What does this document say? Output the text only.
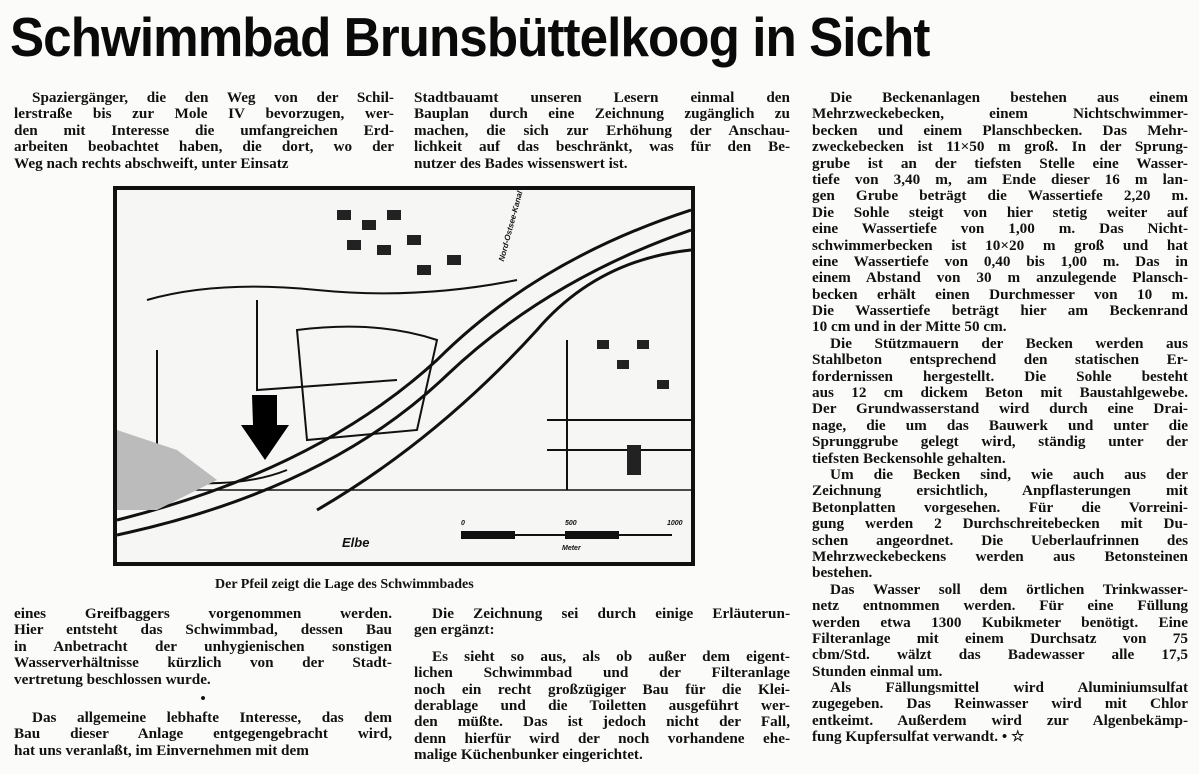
Schwimmbad Brunsbüttelkoog in Sicht
Spaziergänger, die den Weg von der Schil-
lerstraße bis zur Mole IV bevorzugen, wer-
den mit Interesse die umfangreichen Erd-
arbeiten beobachtet haben, die dort, wo der
Weg nach rechts abschweift, unter Einsatz
Stadtbauamt unseren Lesern einmal den
Bauplan durch eine Zeichnung zugänglich zu
machen, die sich zur Erhöhung der Anschau-
lichkeit auf das beschränkt, was für den Be-
nutzer des Bades wissenswert ist.
Elbe
Nord-Ostsee-Kanal
0	500	1000
Meter
Der Pfeil zeigt die Lage des Schwimmbades
eines Greifbaggers vorgenommen werden.
Hier entsteht das Schwimmbad, dessen Bau
in Anbetracht der unhygienischen sonstigen
Wasserverhältnisse kürzlich von der Stadt-
vertretung beschlossen wurde.
•
Das allgemeine lebhafte Interesse, das dem
Bau dieser Anlage entgegengebracht wird,
hat uns veranlaßt, im Einvernehmen mit dem
Die Zeichnung sei durch einige Erläuterun-
gen ergänzt:
Es sieht so aus, als ob außer dem eigent-
lichen Schwimmbad und der Filteranlage
noch ein recht großzügiger Bau für die Klei-
derablage und die Toiletten ausgeführt wer-
den müßte. Das ist jedoch nicht der Fall,
denn hierfür wird der noch vorhandene ehe-
malige Küchenbunker eingerichtet.
Die Beckenanlagen bestehen aus einem
Mehrzweckebecken, einem Nichtschwimmer-
becken und einem Planschbecken. Das Mehr-
zweckebecken ist 11×50 m groß. In der Sprung-
grube ist an der tiefsten Stelle eine Wasser-
tiefe von 3,40 m, am Ende dieser 16 m lan-
gen Grube beträgt die Wassertiefe 2,20 m.
Die Sohle steigt von hier stetig weiter auf
eine Wassertiefe von 1,00 m. Das Nicht-
schwimmerbecken ist 10×20 m groß und hat
eine Wassertiefe von 0,40 bis 1,00 m. Das in
einem Abstand von 30 m anzulegende Plansch-
becken erhält einen Durchmesser von 10 m.
Die Wassertiefe beträgt hier am Beckenrand
10 cm und in der Mitte 50 cm.
Die Stützmauern der Becken werden aus
Stahlbeton entsprechend den statischen Er-
fordernissen hergestellt. Die Sohle besteht
aus 12 cm dickem Beton mit Baustahlgewebe.
Der Grundwasserstand wird durch eine Drai-
nage, die um das Bauwerk und unter die
Sprunggrube gelegt wird, ständig unter der
tiefsten Beckensohle gehalten.
Um die Becken sind, wie auch aus der
Zeichnung ersichtlich, Anpflasterungen mit
Betonplatten vorgesehen. Für die Vorreini-
gung werden 2 Durchschreitebecken mit Du-
schen angeordnet. Die Ueberlaufrinnen des
Mehrzweckebeckens werden aus Betonsteinen
bestehen.
Das Wasser soll dem örtlichen Trinkwasser-
netz entnommen werden. Für eine Füllung
werden etwa 1300 Kubikmeter benötigt. Eine
Filteranlage mit einem Durchsatz von 75
cbm/Std. wälzt das Badewasser alle 17,5
Stunden einmal um.
Als Fällungsmittel wird Aluminiumsulfat
zugegeben. Das Reinwasser wird mit Chlor
entkeimt. Außerdem wird zur Algenbekämp-
fung Kupfersulfat verwandt. • ☆
